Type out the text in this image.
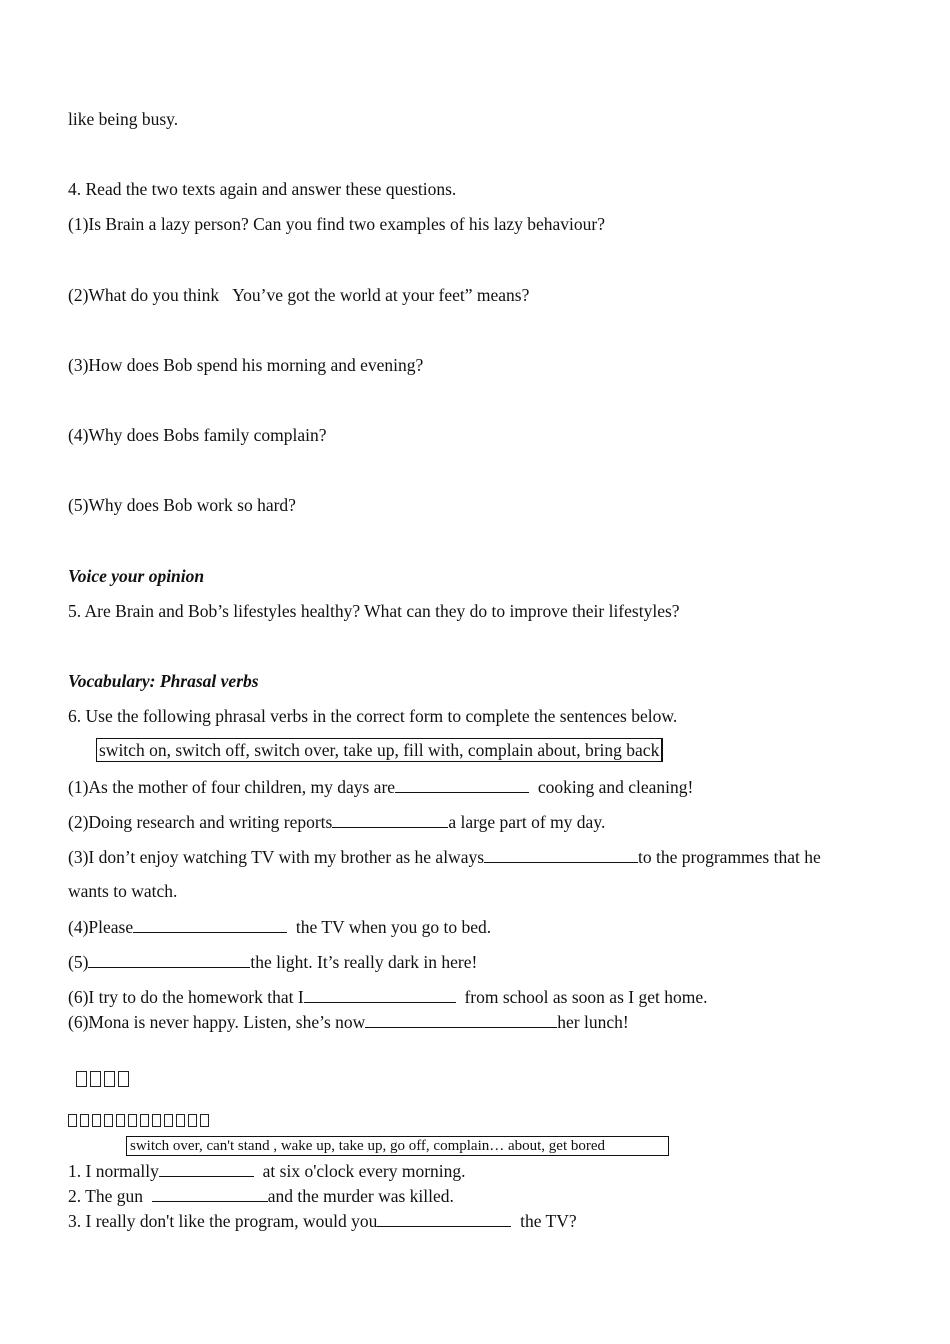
like being busy.
4. Read the two texts again and answer these questions.
(1)Is Brain a lazy person? Can you find two examples of his lazy behaviour?
(2)What do you think   You’ve got the world at your feet” means?
(3)How does Bob spend his morning and evening?
(4)Why does Bobs family complain?
(5)Why does Bob work so hard?
Voice your opinion
5. Are Brain and Bob’s lifestyles healthy? What can they do to improve their lifestyles?
Vocabulary: Phrasal verbs
6. Use the following phrasal verbs in the correct form to complete the sentences below.
switch on, switch off, switch over, take up, fill with, complain about, bring back
(1)As the mother of four children, my days are	cooking and cleaning!
(2)Doing research and writing reports	a large part of my day.
(3)I don’t enjoy watching TV with my brother as he always	to the programmes that he
wants to watch.
(4)Please	the TV when you go to bed.
(5)	the light. It’s really dark in here!
(6)I try to do the homework that I	from school as soon as I get home.
(6)Mona is never happy. Listen, she’s now	her lunch!
switch over, can't stand , wake up, take up, go off, complain… about, get bored
1. I normally	at six o'clock every morning.
2. The gun	and the murder was killed.
3. I really don't like the program, would you	the TV?
